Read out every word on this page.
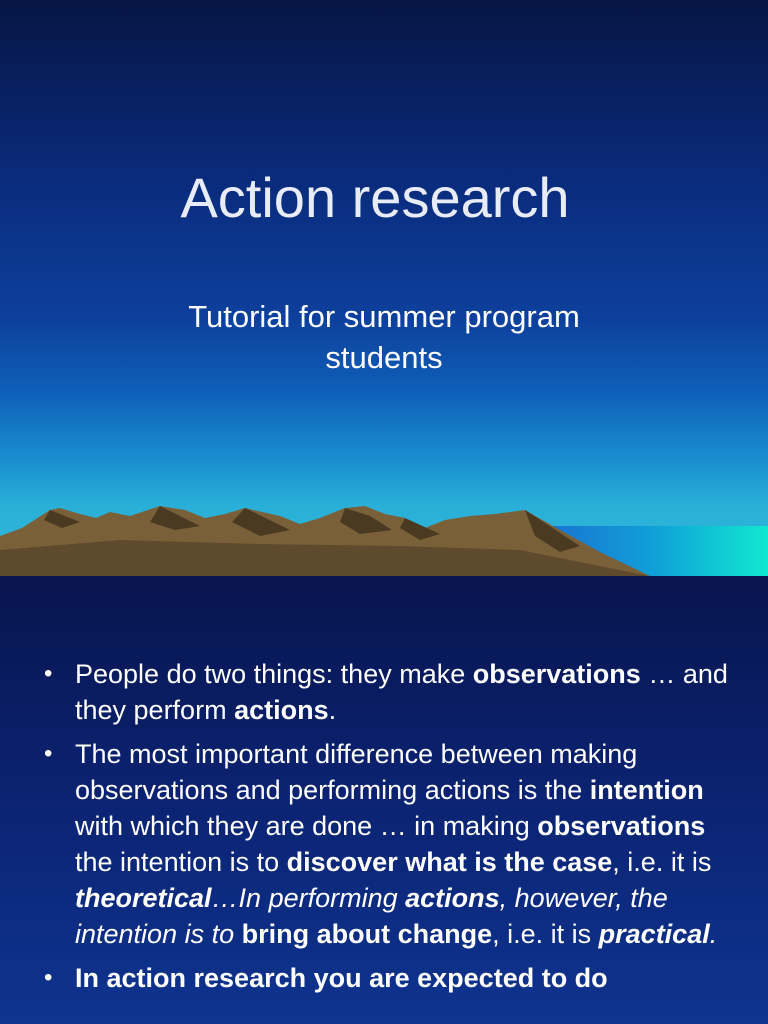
Action research
Tutorial for summer program
students
• People do two things: they make observations … and they perform actions.
• The most important difference between making observations and performing actions is the intention with which they are done … in making observations the intention is to discover what is the case, i.e. it is theoretical…In performing actions, however, the intention is to bring about change, i.e. it is practical.
• In action research you are expected to do
